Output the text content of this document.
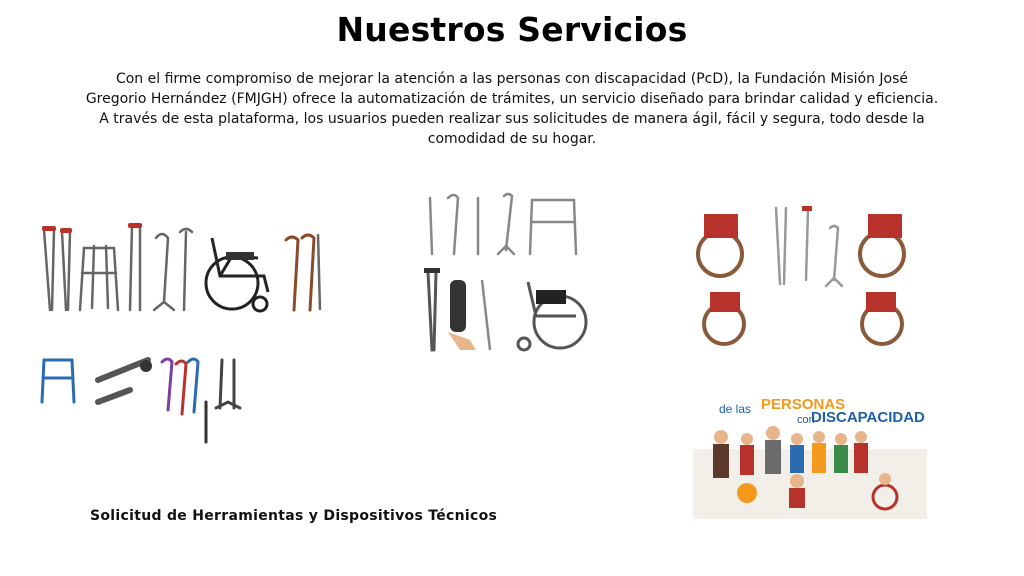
Nuestros Servicios
Con el firme compromiso de mejorar la atención a las personas con discapacidad (PcD), la Fundación Misión José
Gregorio Hernández (FMJGH) ofrece la automatización de trámites, un servicio diseñado para brindar calidad y eficiencia.
A través de esta plataforma, los usuarios pueden realizar sus solicitudes de manera ágil, fácil y segura, todo desde la
comodidad de su hogar.
de las PERSONAS
con
DISCAPACIDAD
Solicitud de Herramientas y Dispositivos Técnicos
